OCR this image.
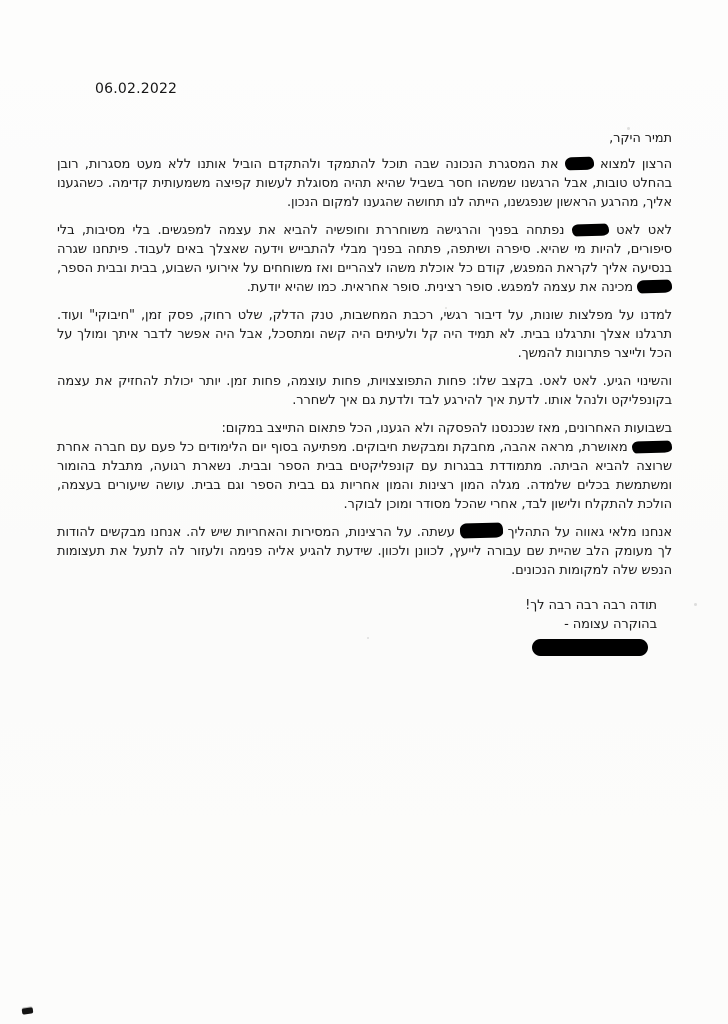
06.02.2022
תמיר היקר,
הרצון למצוא  את המסגרת הנכונה שבה תוכל להתמקד ולהתקדם הוביל אותנו ללא מעט מסגרות, רובן בהחלט טובות, אבל הרגשנו שמשהו חסר בשביל שהיא תהיה מסוגלת לעשות קפיצה משמעותית קדימה. כשהגענו אליך, מהרגע הראשון שנפגשנו, הייתה לנו תחושה שהגענו למקום הנכון.
לאט לאט  נפתחה בפניך והרגישה משוחררת וחופשיה להביא את עצמה למפגשים. בלי מסיבות, בלי סיפורים, להיות מי שהיא. סיפרה ושיתפה, פתחה בפניך מבלי להתבייש וידעה שאצלך באים לעבוד. פיתחנו שגרה בנסיעה אליך לקראת המפגש, קודם כל אוכלת משהו לצהריים ואז משוחחים על אירועי השבוע, בבית ובבית הספר,  מכינה את עצמה למפגש. סופר רצינית. סופר אחראית. כמו שהיא יודעת.
למדנו על מפלצות שונות, על דיבור רגשי, רכבת המחשבות, טנק הדלק, שלט רחוק, פסק זמן, "חיבוקי" ועוד. תרגלנו אצלך ותרגלנו בבית. לא תמיד היה קל ולעיתים היה קשה ומתסכל, אבל היה אפשר לדבר איתך ומולך על הכל ולייצר פתרונות להמשך.
והשינוי הגיע. לאט לאט. בקצב שלו: פחות התפוצצויות, פחות עוצמה, פחות זמן. יותר יכולת להחזיק את עצמה בקונפליקט ולנהל אותו. לדעת איך להירגע לבד ולדעת גם איך לשחרר.
בשבועות האחרונים, מאז שנכנסנו להפסקה ולא הגענו, הכל פתאום התייצב במקום:
מאושרת, מראה אהבה, מחבקת ומבקשת חיבוקים. מפתיעה בסוף יום הלימודים כל פעם עם חברה אחרת שרוצה להביא הביתה. מתמודדת בבגרות עם קונפליקטים בבית הספר ובבית. נשארת רגועה, מתבלת בהומור ומשתמשת בכלים שלמדה. מגלה המון רצינות והמון אחריות גם בבית הספר וגם בבית. עושה שיעורים בעצמה, הולכת להתקלח ולישון לבד, אחרי שהכל מסודר ומוכן לבוקר.
אנחנו מלאי גאווה על התהליך  עשתה. על הרצינות, המסירות והאחריות שיש לה. אנחנו מבקשים להודות לך מעומק הלב שהיית שם עבורה לייעץ, לכוונן ולכוון. שידעת להגיע אליה פנימה ולעזור לה לתעל את תעצומות הנפש שלה למקומות הנכונים.
תודה רבה רבה רבה לך!
בהוקרה עצומה -
